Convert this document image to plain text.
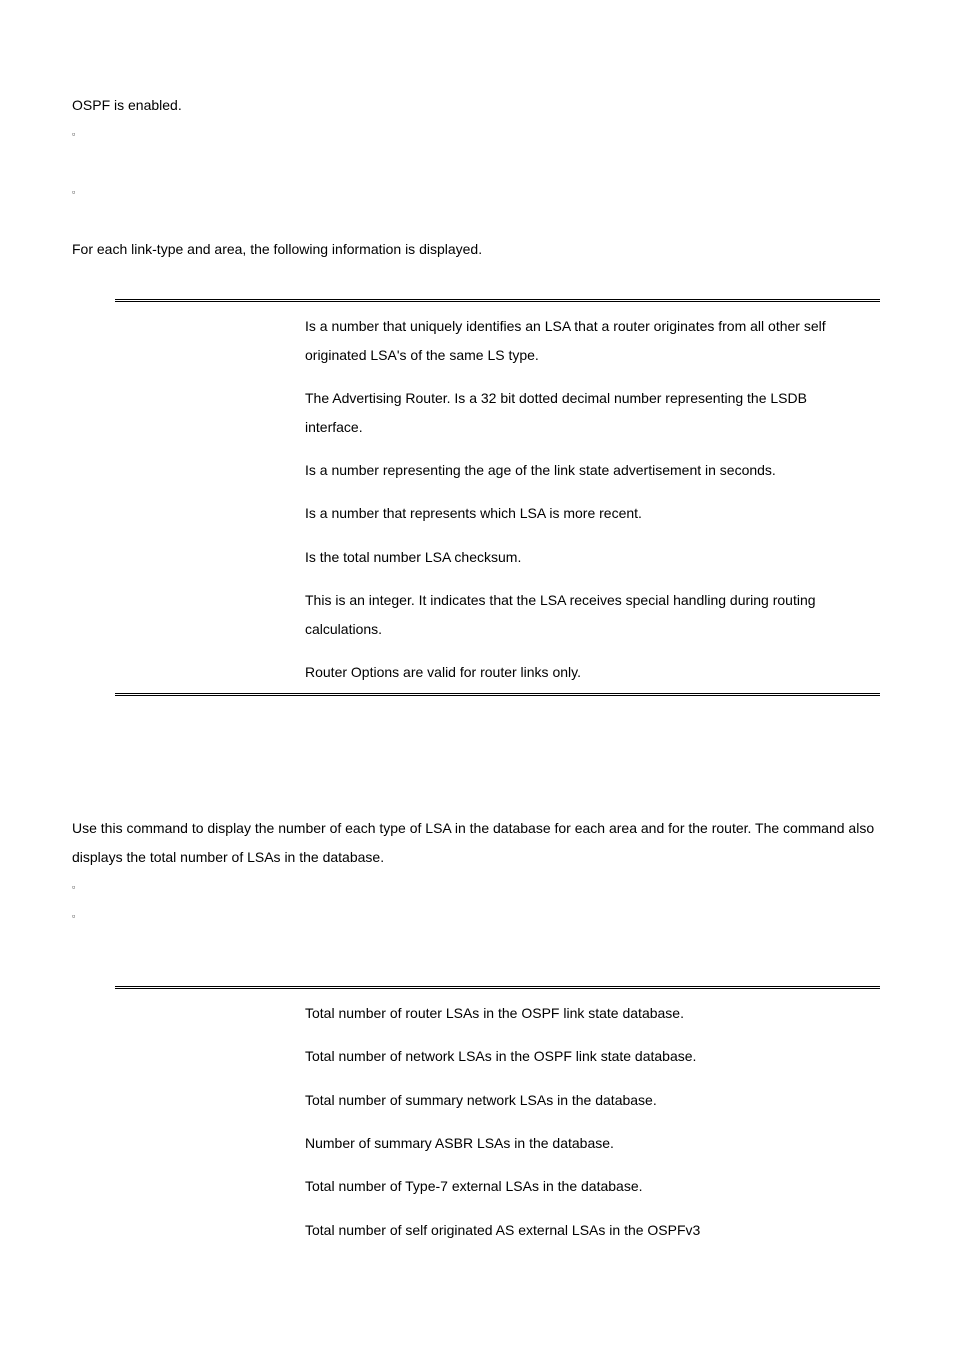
OSPF is enabled.
▫
▫
For each link-type and area, the following information is displayed.
Is a number that uniquely identifies an LSA that a router originates from all other self originated LSA's of the same LS type.
The Advertising Router. Is a 32 bit dotted decimal number representing the LSDB interface.
Is a number representing the age of the link state advertisement in seconds.
Is a number that represents which LSA is more recent.
Is the total number LSA checksum.
This is an integer. It indicates that the LSA receives special handling during routing calculations.
Router Options are valid for router links only.
Use this command to display the number of each type of LSA in the database for each area and for the router. The command also displays the total number of LSAs in the database.
▫
▫
Total number of router LSAs in the OSPF link state database.
Total number of network LSAs in the OSPF link state database.
Total number of summary network LSAs in the database.
Number of summary ASBR LSAs in the database.
Total number of Type-7 external LSAs in the database.
Total number of self originated AS external LSAs in the OSPFv3
